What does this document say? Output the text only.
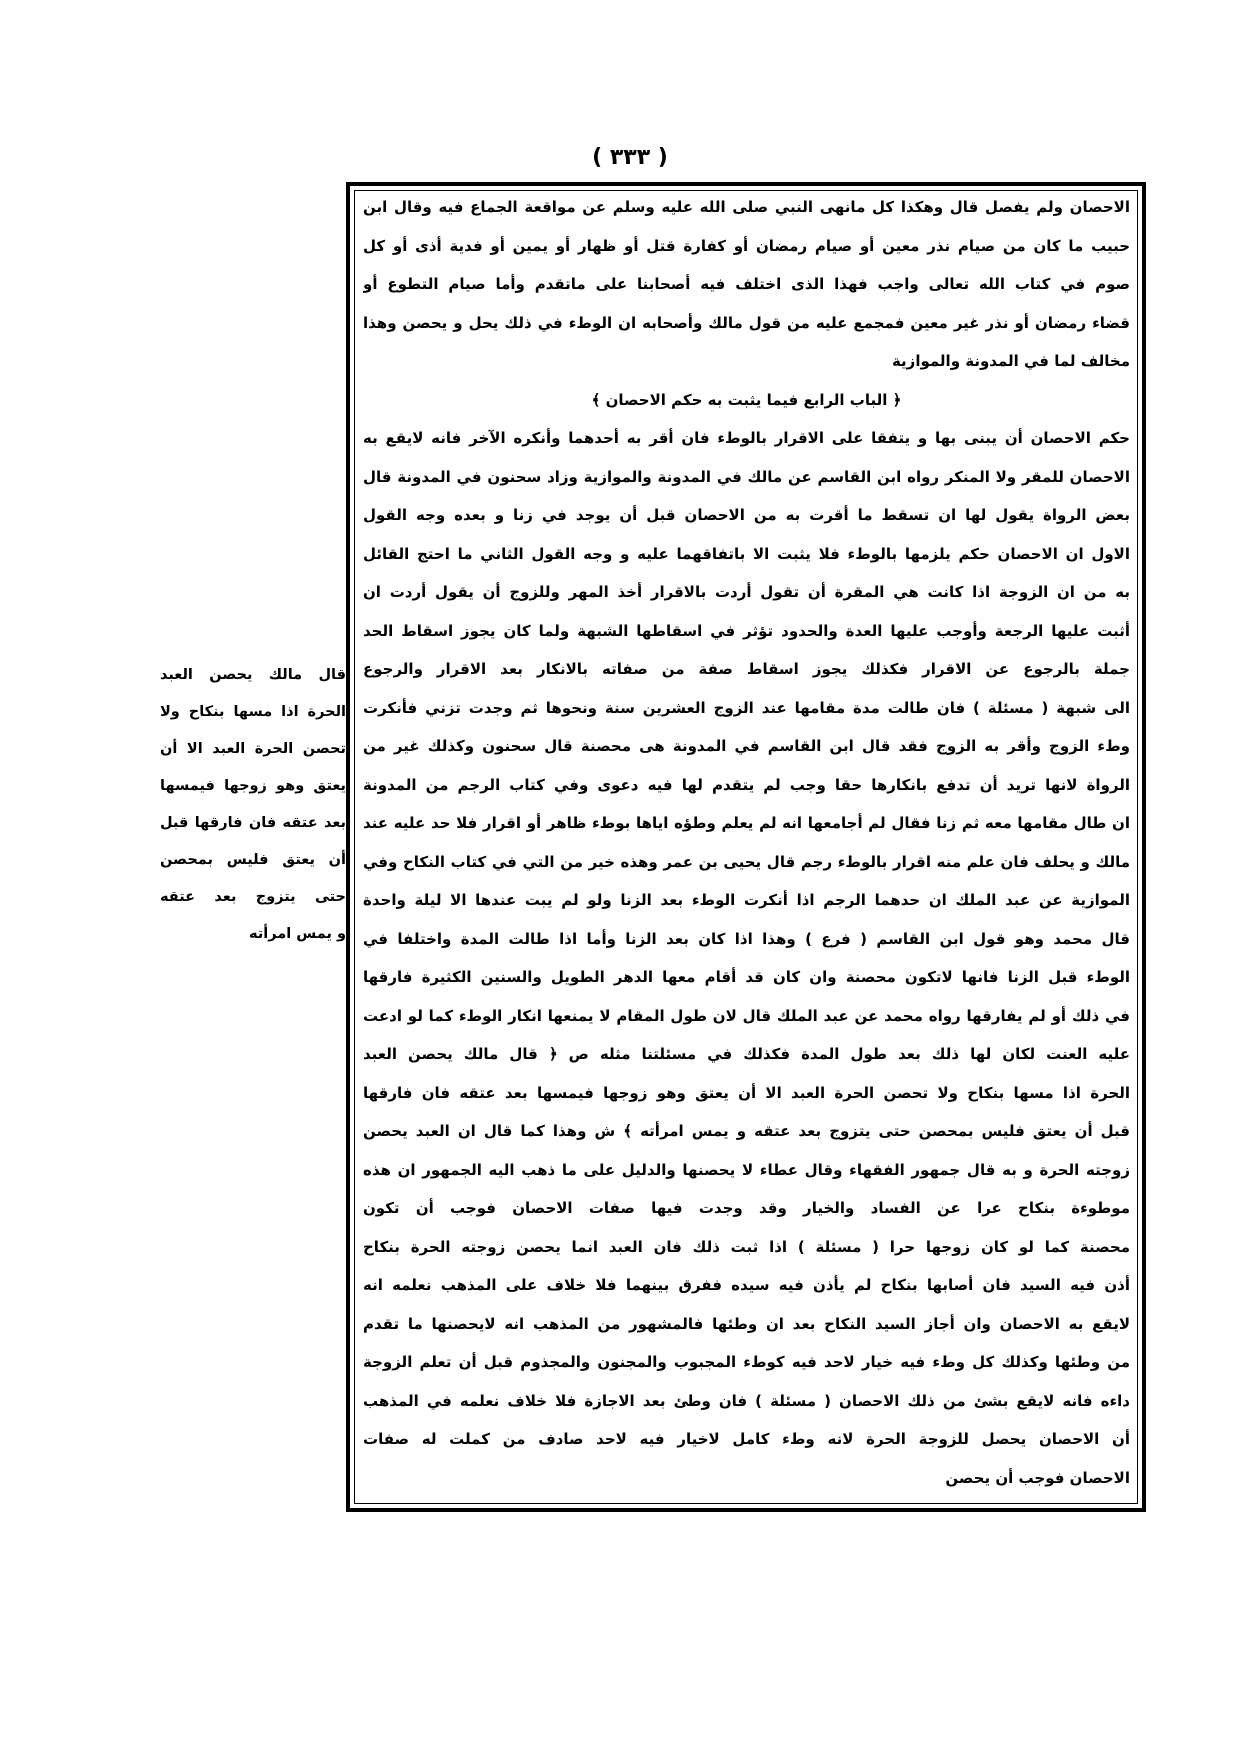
( ٣٣٣ )
الاحصان ولم يفصل قال وهكذا كل مانهى النبي صلى الله عليه وسلم عن مواقعة الجماع فيه وقال ابن
حبيب ما كان من صيام نذر معين أو صيام رمضان أو كفارة قتل أو ظهار أو يمين أو فدية أذى أو كل
صوم في كتاب الله تعالى واجب فهذا الذى اختلف فيه أصحابنا على ماتقدم وأما صيام التطوع أو
قضاء رمضان أو نذر غير معين فمجمع عليه من قول مالك وأصحابه ان الوطء في ذلك يحل و يحصن وهذا
مخالف لما في المدونة والموازية
﴿ الباب الرابع فيما يثبت به حكم الاحصان ﴾
حكم الاحصان أن يبنى بها و يتفقا على الاقرار بالوطء فان أقر به أحدهما وأنكره الآخر فانه لايقع به
الاحصان للمقر ولا المنكر رواه ابن القاسم عن مالك في المدونة والموازية وزاد سحنون في المدونة قال
بعض الرواة يقول لها ان تسقط ما أقرت به من الاحصان قبل أن يوجد في زنا و بعده وجه القول
الاول ان الاحصان حكم يلزمها بالوطء فلا يثبت الا باتفاقهما عليه و وجه القول الثاني ما احتج القائل
به من ان الزوجة اذا كانت هي المقرة أن تقول أردت بالاقرار أخذ المهر وللزوج أن يقول أردت ان
أثبت عليها الرجعة وأوجب عليها العدة والحدود تؤثر في اسقاطها الشبهة ولما كان يجوز اسقاط الحد
جملة بالرجوع عن الاقرار فكذلك يجوز اسقاط صفة من صفاته بالانكار بعد الاقرار والرجوع
الى شبهة ( مسئلة ) فان طالت مدة مقامها عند الزوج العشرين سنة ونحوها ثم وجدت تزني فأنكرت
وطء الزوج وأقر به الزوج فقد قال ابن القاسم في المدونة هى محصنة قال سحنون وكذلك غير من
الرواة لانها تريد أن تدفع بانكارها حقا وجب لم يتقدم لها فيه دعوى وفي كتاب الرجم من المدونة
ان طال مقامها معه ثم زنا فقال لم أجامعها انه لم يعلم وطؤه اياها بوطء ظاهر أو اقرار فلا حد عليه عند
مالك و يحلف فان علم منه اقرار بالوطء رجم قال يحيى بن عمر وهذه خير من التي في كتاب النكاح وفي
الموازية عن عبد الملك ان حدهما الرجم اذا أنكرت الوطء بعد الزنا ولو لم يبت عندها الا ليلة واحدة
قال محمد وهو قول ابن القاسم ( فرع ) وهذا اذا كان بعد الزنا وأما اذا طالت المدة واختلفا في
الوطء قبل الزنا فانها لاتكون محصنة وان كان قد أقام معها الدهر الطويل والسنين الكثيرة فارقها
في ذلك أو لم يفارقها رواه محمد عن عبد الملك قال لان طول المقام لا يمنعها انكار الوطء كما لو ادعت
عليه العنت لكان لها ذلك بعد طول المدة فكذلك في مسئلتنا مثله ص ﴿ قال مالك يحصن العبد
الحرة اذا مسها بنكاح ولا تحصن الحرة العبد الا أن يعتق وهو زوجها فيمسها بعد عتقه فان فارقها
قبل أن يعتق فليس بمحصن حتى يتزوج بعد عتقه و يمس امرأته ﴾ ش وهذا كما قال ان العبد يحصن
زوجته الحرة و به قال جمهور الفقهاء وقال عطاء لا يحصنها والدليل على ما ذهب اليه الجمهور ان هذه
موطوءة بنكاح عرا عن الفساد والخيار وقد وجدت فيها صفات الاحصان فوجب أن تكون
محصنة كما لو كان زوجها حرا ( مسئلة ) اذا ثبت ذلك فان العبد انما يحصن زوجته الحرة بنكاح
أذن فيه السيد فان أصابها بنكاح لم يأذن فيه سيده ففرق بينهما فلا خلاف على المذهب نعلمه انه
لايقع به الاحصان وان أجاز السيد النكاح بعد ان وطئها فالمشهور من المذهب انه لايحصنها ما تقدم
من وطئها وكذلك كل وطء فيه خيار لاحد فيه كوطء المجبوب والمجنون والمجذوم قبل أن تعلم الزوجة
داءه فانه لايقع بشئ من ذلك الاحصان ( مسئلة ) فان وطئ بعد الاجازة فلا خلاف نعلمه في المذهب
أن الاحصان يحصل للزوجة الحرة لانه وطء كامل لاخيار فيه لاحد صادف من كملت له صفات
الاحصان فوجب أن يحصن
قال مالك يحصن العبد
الحرة اذا مسها بنكاح ولا
تحصن الحرة العبد الا أن
يعتق وهو زوجها فيمسها
بعد عتقه فان فارقها قبل
أن يعتق فليس بمحصن
حتى يتزوج بعد عتقه
و يمس امرأته
